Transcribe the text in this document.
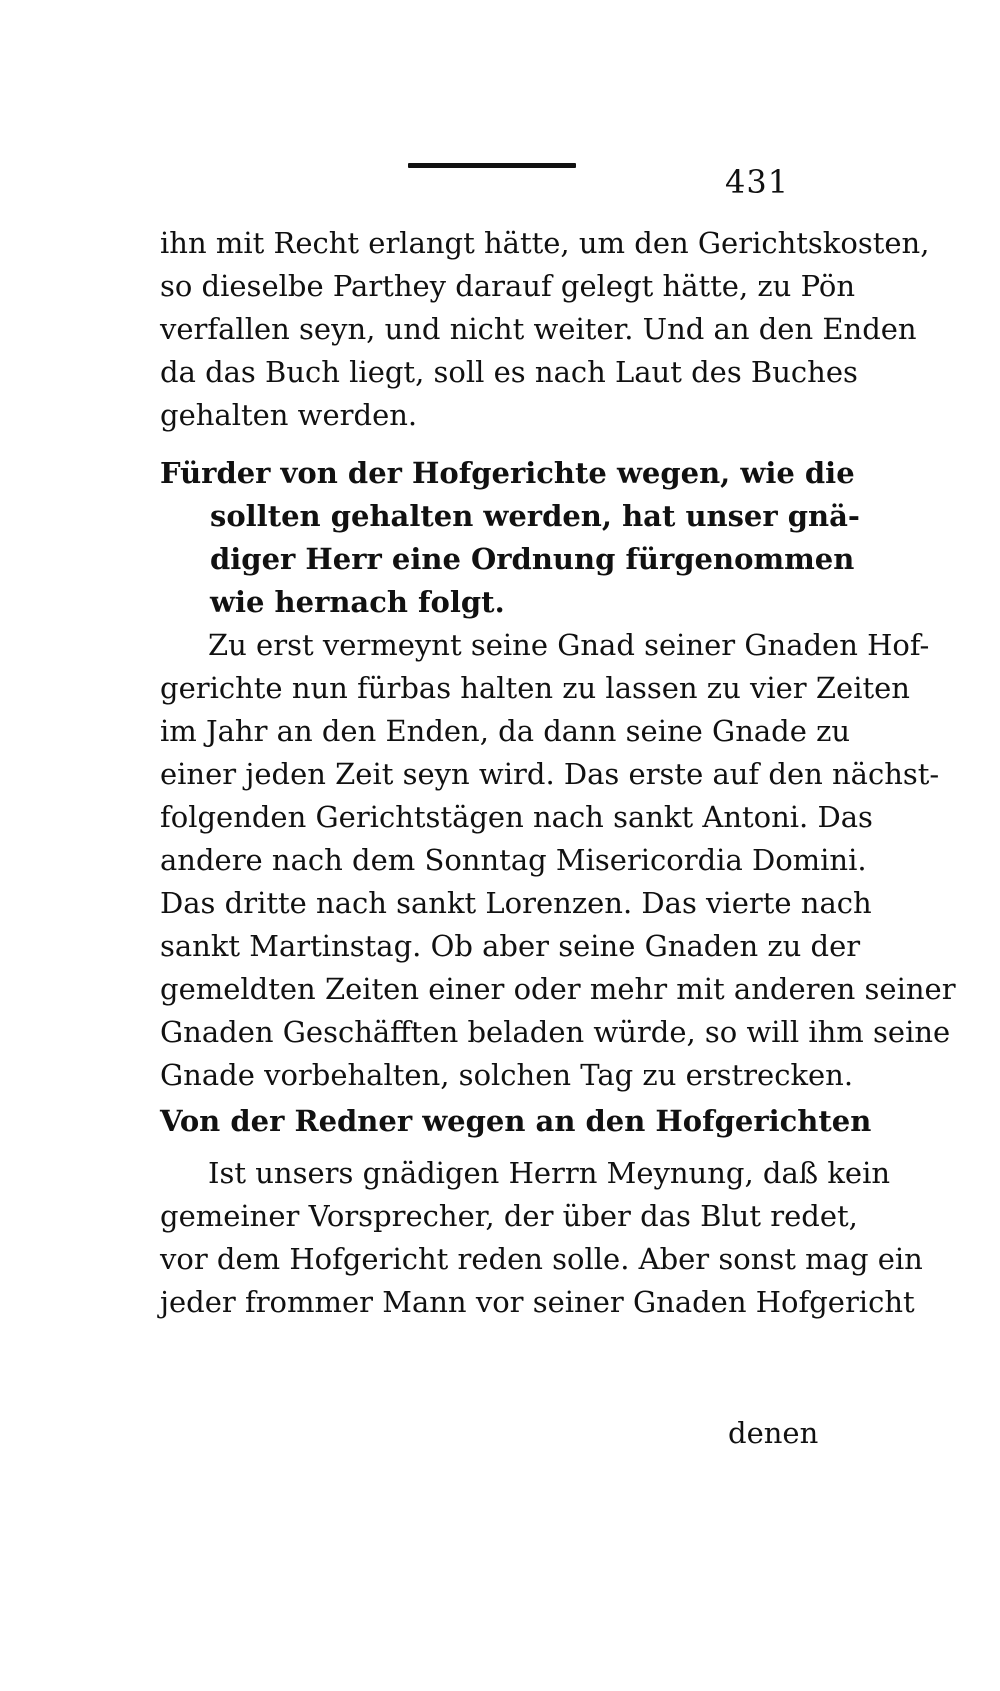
431
ihn mit Recht erlangt hätte, um den Gerichtskosten,
so dieselbe Parthey darauf gelegt hätte, zu Pön
verfallen seyn, und nicht weiter. Und an den Enden
da das Buch liegt, soll es nach Laut des Buches
gehalten werden.
Fürder von der Hofgerichte wegen, wie die
sollten gehalten werden, hat unser gnä-
diger Herr eine Ordnung fürgenommen
wie hernach folgt.
Zu erst vermeynt seine Gnad seiner Gnaden Hof-
gerichte nun fürbas halten zu lassen zu vier Zeiten
im Jahr an den Enden, da dann seine Gnade zu
einer jeden Zeit seyn wird. Das erste auf den nächst-
folgenden Gerichtstägen nach sankt Antoni. Das
andere nach dem Sonntag Misericordia Domini.
Das dritte nach sankt Lorenzen. Das vierte nach
sankt Martinstag. Ob aber seine Gnaden zu der
gemeldten Zeiten einer oder mehr mit anderen seiner
Gnaden Geschäfften beladen würde, so will ihm seine
Gnade vorbehalten, solchen Tag zu erstrecken.
Von der Redner wegen an den Hofgerichten
Ist unsers gnädigen Herrn Meynung, daß kein
gemeiner Vorsprecher, der über das Blut redet,
vor dem Hofgericht reden solle. Aber sonst mag ein
jeder frommer Mann vor seiner Gnaden Hofgericht
denen
